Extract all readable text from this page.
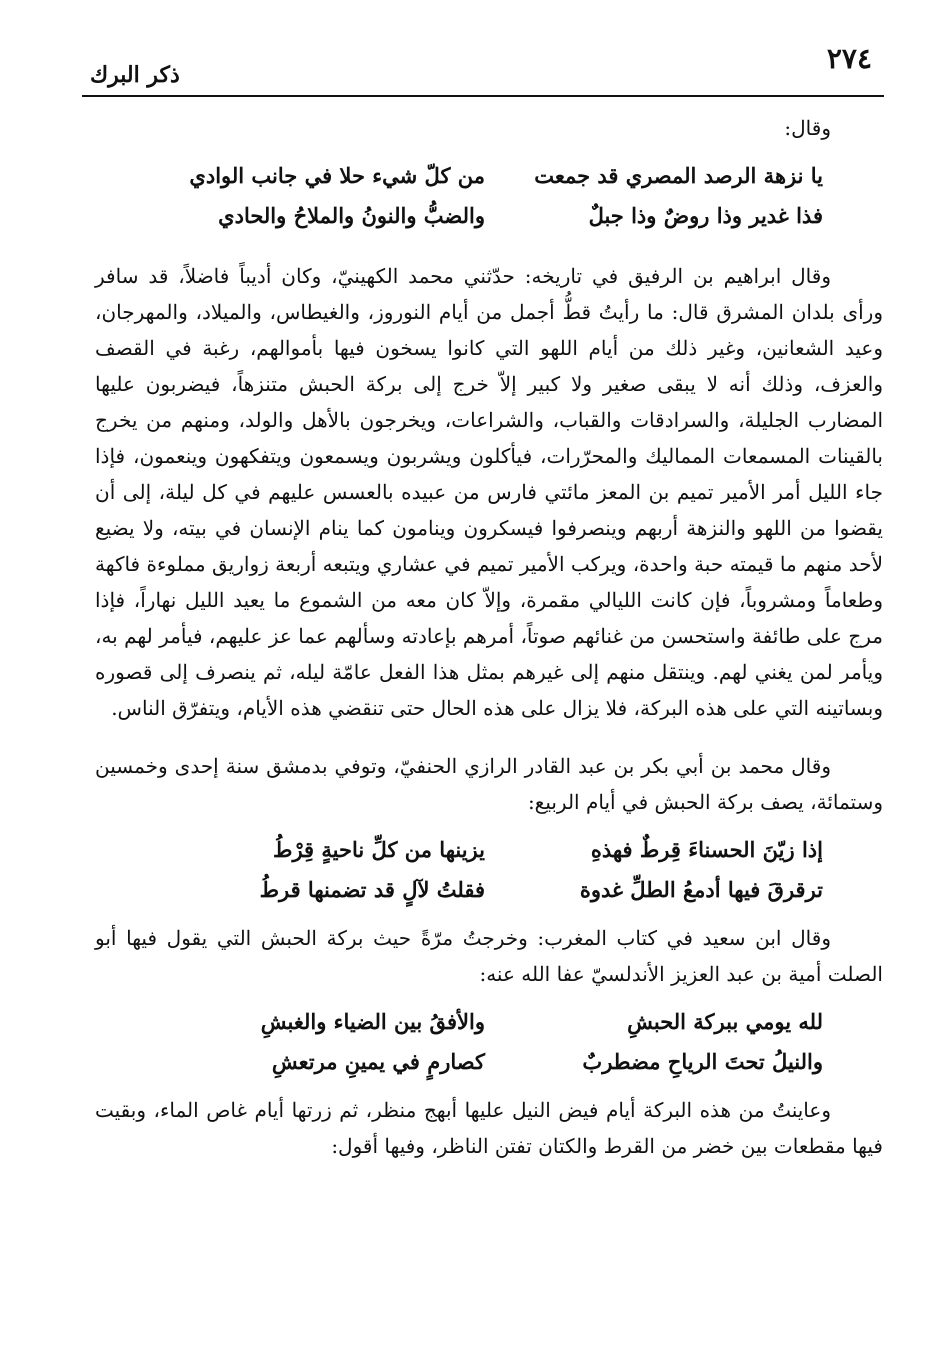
٢٧٤
ذكر البرك

وقال:

يا نزهة الرصد المصري قد جمعت
من كلّ شيء حلا في جانب الوادي
فذا غدير وذا روضٌ وذا جبلٌ
والضبُّ والنونُ والملاحُ والحادي

وقال ابراهيم بن الرفيق في تاريخه: حدّثني محمد الكهينيّ، وكان أديباً فاضلاً، قد سافر ورأى بلدان المشرق قال: ما رأيتُ قطُّ أجمل من أيام النوروز، والغيطاس، والميلاد، والمهرجان، وعيد الشعانين، وغير ذلك من أيام اللهو التي كانوا يسخون فيها بأموالهم، رغبة في القصف والعزف، وذلك أنه لا يبقى صغير ولا كبير إلاّ خرج إلى بركة الحبش متنزهاً، فيضربون عليها المضارب الجليلة، والسرادقات والقباب، والشراعات، ويخرجون بالأهل والولد، ومنهم من يخرج بالقينات المسمعات المماليك والمحرّرات، فيأكلون ويشربون ويسمعون ويتفكهون وينعمون، فإذا جاء الليل أمر الأمير تميم بن المعز مائتي فارس من عبيده بالعسس عليهم في كل ليلة، إلى أن يقضوا من اللهو والنزهة أربهم وينصرفوا فيسكرون وينامون كما ينام الإنسان في بيته، ولا يضيع لأحد منهم ما قيمته حبة واحدة، ويركب الأمير تميم في عشاري ويتبعه أربعة زواريق مملوءة فاكهة وطعاماً ومشروباً، فإن كانت الليالي مقمرة، وإلاّ كان معه من الشموع ما يعيد الليل نهاراً، فإذا مرج على طائفة واستحسن من غنائهم صوتاً، أمرهم بإعادته وسألهم عما عز عليهم، فيأمر لهم به، ويأمر لمن يغني لهم. وينتقل منهم إلى غيرهم بمثل هذا الفعل عامّة ليله، ثم ينصرف إلى قصوره وبساتينه التي على هذه البركة، فلا يزال على هذه الحال حتى تنقضي هذه الأيام، ويتفرّق الناس.

وقال محمد بن أبي بكر بن عبد القادر الرازي الحنفيّ، وتوفي بدمشق سنة إحدى وخمسين وستمائة، يصف بركة الحبش في أيام الربيع:

إذا زيّنَ الحسناءَ قِرطٌ فهذهِ
يزينها من كلِّ ناحيةٍ قِرْطُ
ترقرقَ فيها أدمعُ الطلِّ غدوة
فقلتُ لآلٍ قد تضمنها قرطُ

وقال ابن سعيد في كتاب المغرب: وخرجتُ مرّةً حيث بركة الحبش التي يقول فيها أبو الصلت أمية بن عبد العزيز الأندلسيّ عفا الله عنه:

لله يومي ببركة الحبشِ
والأفقُ بين الضياء والغبشِ
والنيلُ تحتَ الرياحِ مضطربٌ
كصارمٍ في يمينِ مرتعشِ

وعاينتُ من هذه البركة أيام فيض النيل عليها أبهج منظر، ثم زرتها أيام غاص الماء، وبقيت فيها مقطعات بين خضر من القرط والكتان تفتن الناظر، وفيها أقول:
